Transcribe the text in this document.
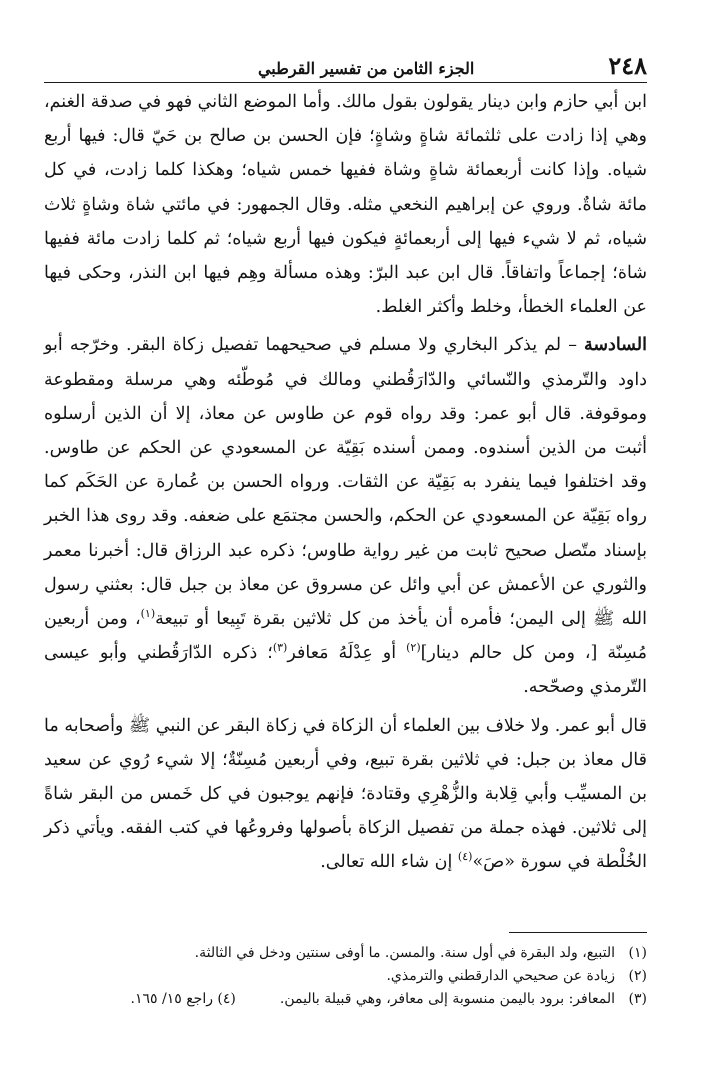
٢٤٨
الجزء الثامن من تفسير القرطبي

ابن أبي حازم وابن دينار يقولون بقول مالك. وأما الموضع الثاني فهو في صدقة الغنم، وهي إذا زادت على ثلثمائة شاةٍ وشاةٍ؛ فإن الحسن بن صالح بن حَيّ قال: فيها أربع شياه. وإذا كانت أربعمائة شاةٍ وشاة ففيها خمس شياه؛ وهكذا كلما زادت، في كل مائة شاةٌ. وروي عن إبراهيم النخعي مثله. وقال الجمهور: في مائتي شاة وشاةٍ ثلاث شياه، ثم لا شيء فيها إلى أربعمائةٍ فيكون فيها أربع شياه؛ ثم كلما زادت مائة ففيها شاة؛ إجماعاً واتفاقاً. قال ابن عبد البرّ: وهذه مسألة وهِم فيها ابن النذر، وحكى فيها عن العلماء الخطأ، وخلط وأكثر الغلط.

السادسة – لم يذكر البخاري ولا مسلم في صحيحهما تفصيل زكاة البقر. وخرّجه أبو داود والتّرمذي والنّسائي والدّارَقُطني ومالك في مُوطّئه وهي مرسلة ومقطوعة وموقوفة. قال أبو عمر: وقد رواه قوم عن طاوس عن معاذ، إلا أن الذين أرسلوه أثبت من الذين أسندوه. وممن أسنده بَقِيّة عن المسعودي عن الحكم عن طاوس. وقد اختلفوا فيما ينفرد به بَقِيّة عن الثقات. ورواه الحسن بن عُمارة عن الحَكَم كما رواه بَقِيّة عن المسعودي عن الحكم، والحسن مجتمَع على ضعفه. وقد روى هذا الخبر بإسناد متّصل صحيح ثابت من غير رواية طاوس؛ ذكره عبد الرزاق قال: أخبرنا معمر والثوري عن الأعمش عن أبي وائل عن مسروق عن معاذ بن جبل قال: بعثني رسول الله ﷺ إلى اليمن؛ فأمره أن يأخذ من كل ثلاثين بقرة تَبِيعا أو تبيعة$^{(١)}$، ومن أربعين مُسِنّة [، ومن كل حالم دينار]$^{(٢)}$ أو عِدْلَهُ مَعافر$^{(٣)}$؛ ذكره الدّارَقُطني وأبو عيسى التّرمذي وصحّحه.

قال أبو عمر. ولا خلاف بين العلماء أن الزكاة في زكاة البقر عن النبي ﷺ وأصحابه ما قال معاذ بن جبل: في ثلاثين بقرة تبيع، وفي أربعين مُسِنّةٌ؛ إلا شيء رُوي عن سعيد بن المسيِّب وأبي قِلابة والزُّهْرِي وقتادة؛ فإنهم يوجبون في كل خَمس من البقر شاةً إلى ثلاثين. فهذه جملة من تفصيل الزكاة بأصولها وفروعُها في كتب الفقه. ويأتي ذكر الخُلْطة في سورة «صَ»$^{(٤)}$ إن شاء الله تعالى.

(١)التبيع، ولد البقرة في أول سنة. والمسن. ما أوفى سنتين ودخل في الثالثة.
(٢)زيادة عن صحيحي الدارقطني والترمذي.
(٣)المعافر: برود باليمن منسوبة إلى معافر، وهي قبيلة باليمن.(٤) راجع ١٥/ ١٦٥.
